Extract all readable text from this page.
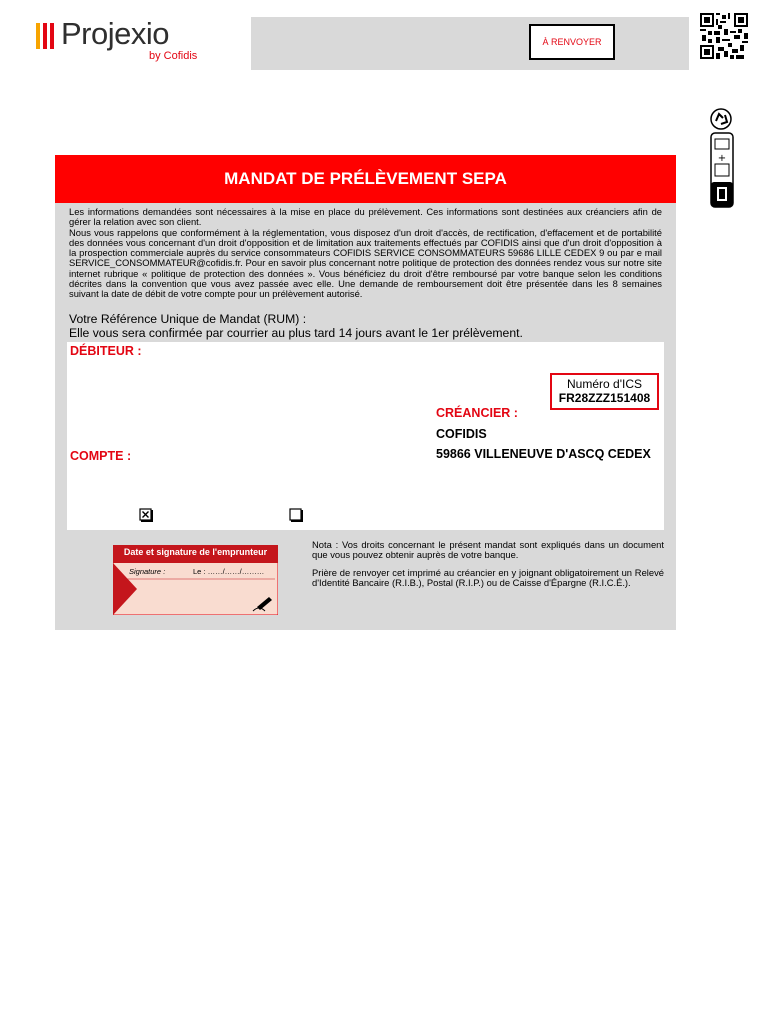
Projexio
by Cofidis
À RENVOYER
+
MANDAT DE PRÉLÈVEMENT SEPA

Les informations demandées sont nécessaires à la mise en place du prélèvement. Ces informations sont destinées aux créanciers afin de gérer la relation avec son client.

Nous vous rappelons que conformément à la réglementation, vous disposez d'un droit d'accès, de rectification, d'effacement et de portabilité des données vous concernant d'un droit d'opposition et de limitation aux traitements effectués par COFIDIS ainsi que d'un droit d'opposition à la prospection commerciale auprès du service consommateurs COFIDIS SERVICE CONSOMMATEURS 59686 LILLE CEDEX 9 ou par e mail SERVICE_CONSOMMATEUR@cofidis.fr. Pour en savoir plus concernant notre politique de protection des données rendez vous sur notre site internet rubrique « politique de protection des données ». Vous bénéficiez du droit d'être remboursé par votre banque selon les conditions décrites dans la convention que vous avez passée avec elle. Une demande de remboursement doit être présentée dans les 8 semaines suivant la date de débit de votre compte pour un prélèvement autorisé.

Votre Référence Unique de Mandat (RUM) :
Elle vous sera confirmée par courrier au plus tard 14 jours avant le 1er prélèvement.
DÉBITEUR :
Numéro d'ICS
FR28ZZZ151408
CRÉANCIER :
COFIDIS
59866 VILLENEUVE D'ASCQ CEDEX
COMPTE :
Date et signature de l'emprunteur
Signature :	Le : ……/……/………

Nota : Vos droits concernant le présent mandat sont expliqués dans un document que vous pouvez obtenir auprès de votre banque.

Prière de renvoyer cet imprimé au créancier en y joignant obligatoirement un Relevé d'Identité Bancaire (R.I.B.), Postal (R.I.P.) ou de Caisse d'Épargne (R.I.C.É.).
